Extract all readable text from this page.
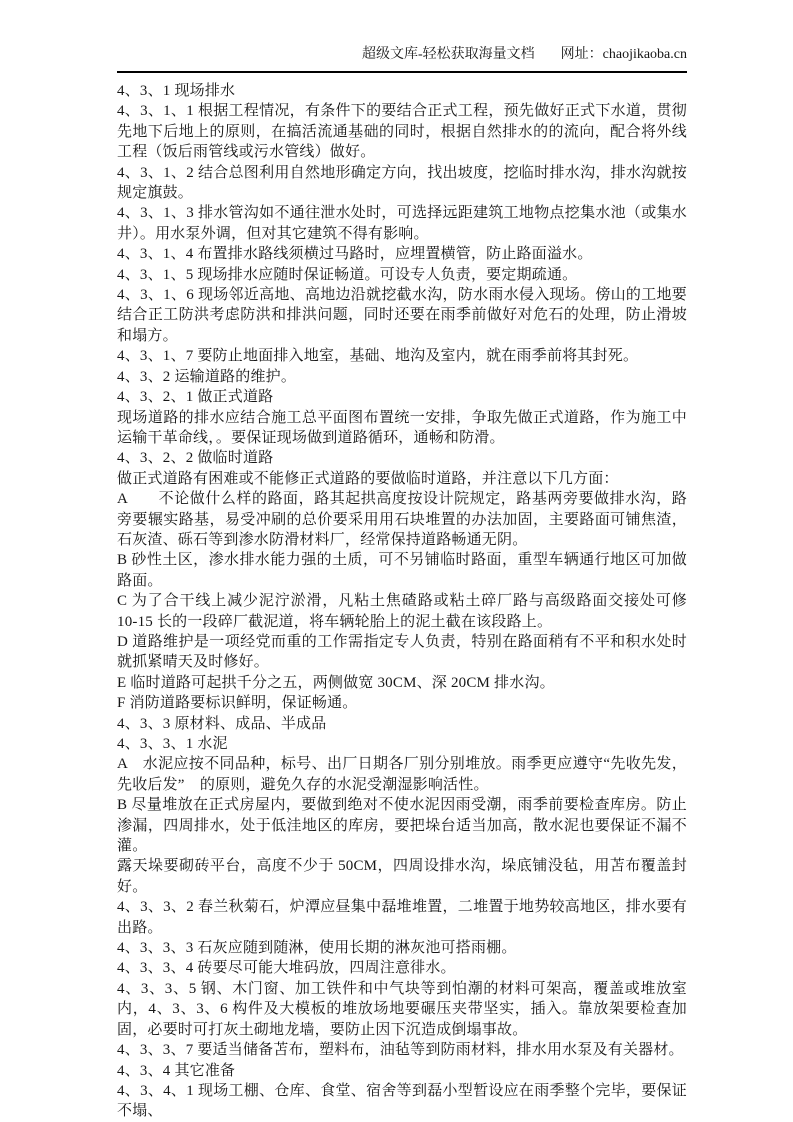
超级文库-轻松获取海量文档 网址：chaojikaoba.cn

4、3、1 现场排水

4、3、1、1 根据工程情况，有条件下的要结合正式工程，预先做好正式下水道，贯彻先地下后地上的原则，在搞活流通基础的同时，根据自然排水的的流向，配合将外线工程（饭后雨管线或污水管线）做好。

4、3、1、2 结合总图利用自然地形确定方向，找出坡度，挖临时排水沟，排水沟就按规定旗鼓。

4、3、1、3 排水管沟如不通往泄水处时，可选择远距建筑工地物点挖集水池（或集水井）。用水泵外调，但对其它建筑不得有影响。

4、3、1、4 布置排水路线须横过马路时，应埋置横管，防止路面溢水。

4、3、1、5 现场排水应随时保证畅道。可设专人负责，要定期疏通。

4、3、1、6 现场邻近高地、高地边沿就挖截水沟，防水雨水侵入现场。傍山的工地要结合正工防洪考虑防洪和排洪问题，同时还要在雨季前做好对危石的处理，防止滑坡和塌方。

4、3、1、7 要防止地面排入地室，基础、地沟及室内，就在雨季前将其封死。

4、3、2 运输道路的维护。

4、3、2、1 做正式道路

现场道路的排水应结合施工总平面图布置统一安排，争取先做正式道路，作为施工中运输干革命线，。要保证现场做到道路循环，通畅和防滑。

4、3、2、2 做临时道路

做正式道路有困难或不能修正式道路的要做临时道路，并注意以下几方面：

A　　不论做什么样的路面，路其起拱高度按设计院规定，路基两旁要做排水沟，路旁要辗实路基，易受冲刷的总价要采用用石块堆置的办法加固，主要路面可铺焦渣，石灰渣、砾石等到渗水防滑材料厂，经常保持道路畅通无阴。

B 砂性土区，渗水排水能力强的土质，可不另铺临时路面，重型车辆通行地区可加做路面。

C 为了合干线上减少泥泞淤滑，凡粘土焦碴路或粘土碎厂路与高级路面交接处可修 10-15 长的一段碎厂截泥道，将车辆轮胎上的泥土截在该段路上。

D 道路维护是一项经党而重的工作需指定专人负责，特别在路面稍有不平和积水处时就抓紧晴天及时修好。

E 临时道路可起拱千分之五，两侧做宽 30CM、深 20CM 排水沟。

F 消防道路要标识鲜明，保证畅通。

4、3、3 原材料、成品、半成品

4、3、3、1 水泥

A　水泥应按不同品种，标号、出厂日期各厂别分别堆放。雨季更应遵守“先收先发，先收后发”　的原则，避免久存的水泥受潮湿影响活性。

B 尽量堆放在正式房屋内，要做到绝对不使水泥因雨受潮，雨季前要检查库房。防止渗漏，四周排水，处于低洼地区的库房，要把垛台适当加高，散水泥也要保证不漏不灌。

露天垛要砌砖平台，高度不少于 50CM，四周设排水沟，垛底铺没毡，用苫布覆盖封好。

4、3、3、2 春兰秋菊石，炉潭应昼集中磊堆堆置，二堆置于地势较高地区，排水要有出路。

4、3、3、3 石灰应随到随淋，使用长期的淋灰池可搭雨棚。

4、3、3、4 砖要尽可能大堆码放，四周注意徘水。

4、3、3、5 钢、木门窗、加工铁件和中气块等到怕潮的材料可架高，覆盖或堆放室内，4、3、3、6 构件及大模板的堆放场地要碾压夹带坚实，插入。靠放架要检查加固，必要时可打灰土砌地龙墙，要防止因下沉造成倒塌事故。

4、3、3、7 要适当储备苫布，塑料布，油毡等到防雨材料，排水用水泵及有关器材。

4、3、4 其它准备

4、3、4、1 现场工棚、仓库、食堂、宿舍等到磊小型暂设应在雨季整个完毕，要保证不塌、
